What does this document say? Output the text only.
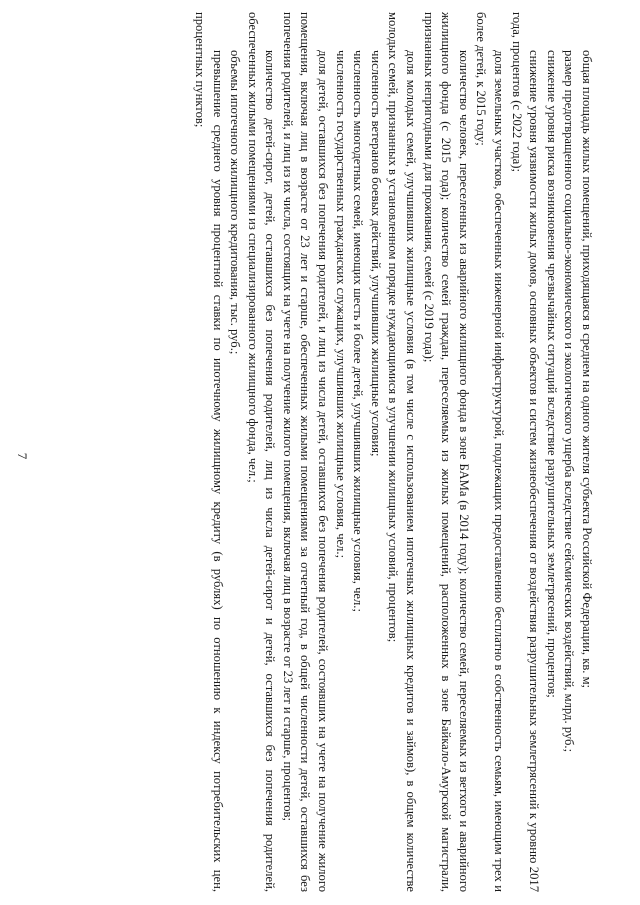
7	общая площадь жилых помещений, приходящаяся в среднем на одного жителя субъекта Российской Федерации, кв. м;

размер предотвращенного социально-экономического и экологического ущерба вследствие сейсмических воздействий, млрд. руб.;

снижение уровня риска возникновения чрезвычайных ситуаций вследствие разрушительных землетрясений, процентов;

снижение уровня уязвимости жилых домов, основных объектов и систем жизнеобеспечения от воздействия разрушительных землетрясений к уровню 2017 года, процентов (с 2022 года);

доля земельных участков, обеспеченных инженерной инфраструктурой, подлежащих предоставлению бесплатно в собственность семьям, имеющим трех и более детей, к 2015 году;

количество человек, переселенных из аварийного жилищного фонда в зоне БАМа (в 2014 году); количество семей, переселяемых из ветхого и аварийного жилищного фонда (с 2015 года); количество семей граждан, переселяемых из жилых помещений, расположенных в зоне Байкало-Амурской магистрали, признанных непригодными для проживания, семей (с 2019 года);

доля молодых семей, улучшивших жилищные условия (в том числе с использованием ипотечных жилищных кредитов и займов), в общем количестве молодых семей, признанных в установленном порядке нуждающимися в улучшении жилищных условий, процентов;

численность ветеранов боевых действий, улучшивших жилищные условия;

численность многодетных семей, имеющих шесть и более детей, улучшивших жилищные условия, чел.;

численность государственных гражданских служащих, улучшивших жилищные условия, чел.;

доля детей, оставшихся без попечения родителей, и лиц из числа детей, оставшихся без попечения родителей, состоявших на учете на получение жилого помещения, включая лиц в возрасте от 23 лет и старше, обеспеченных жилыми помещениями за отчетный год, в общей численности детей, оставшихся без попечения родителей, и лиц из их числа, состоящих на учете на получение жилого помещения, включая лиц в возрасте от 23 лет и старше, процентов;

количество детей-сирот, детей, оставшихся без попечения родителей, лиц из числа детей-сирот и детей, оставшихся без попечения родителей, обеспеченных жилыми помещениями из специализированного жилищного фонда, чел.;

объемы ипотечного жилищного кредитования, тыс. руб.;

превышение среднего уровня процентной ставки по ипотечному жилищному кредиту (в рублях) по отношению к индексу потребительских цен, процентных пунктов;
